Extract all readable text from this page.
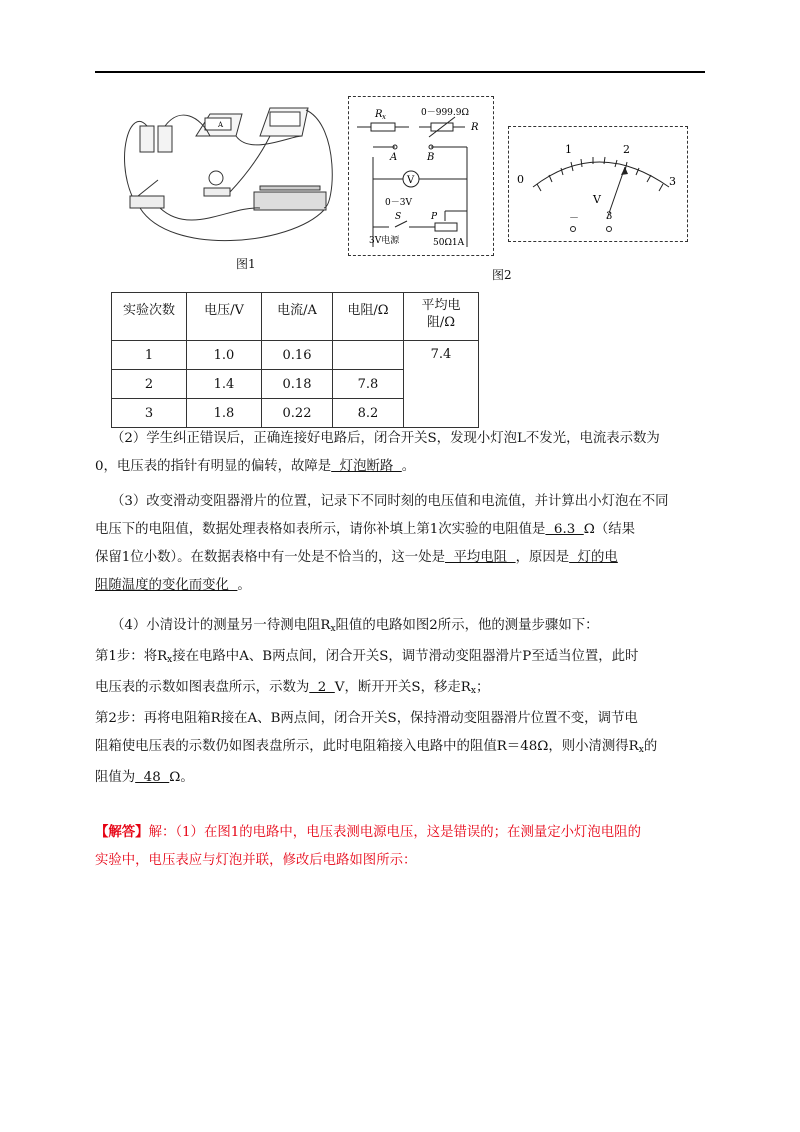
A
图1
R x	0－999.9Ω
R
A	B
V
0－3V
S	P
3V电源	50Ω1A
0
1	2
3
V
－	3
图2
实验次数	电压/V	电流/A	电阻/Ω	平均电
阻/Ω
1	1.0	0.16		7.4
2	1.4	0.18	7.8	
3	1.8	0.22	8.2	
（2）学生纠正错误后，正确连接好电路后，闭合开关S，发现小灯泡L不发光，电流表示数为
0，电压表的指针有明显的偏转，故障是  灯泡断路  。
（3）改变滑动变阻器滑片的位置，记录下不同时刻的电压值和电流值，并计算出小灯泡在不同
电压下的电阻值，数据处理表格如表所示，请你补填上第1次实验的电阻值是  6.3  Ω（结果
保留1位小数）。在数据表格中有一处是不恰当的，这一处是  平均电阻  ，原因是  灯的电
阻随温度的变化而变化  。
（4）小清设计的测量另一待测电阻$R_x$阻值的电路如图2所示，他的测量步骤如下：
第1步：将$R_x$接在电路中A、B两点间，闭合开关S，调节滑动变阻器滑片P至适当位置，此时
电压表的示数如图表盘所示，示数为  2  V，断开开关S，移走$R_x$；
第2步：再将电阻箱R接在A、B两点间，闭合开关S，保持滑动变阻器滑片位置不变，调节电
阻箱使电压表的示数仍如图表盘所示，此时电阻箱接入电路中的阻值R＝48Ω，则小清测得$R_x$的
阻值为  48  Ω。
【解答】解：（1）在图1的电路中，电压表测电源电压，这是错误的；在测量定小灯泡电阻的
实验中，电压表应与灯泡并联，修改后电路如图所示：
